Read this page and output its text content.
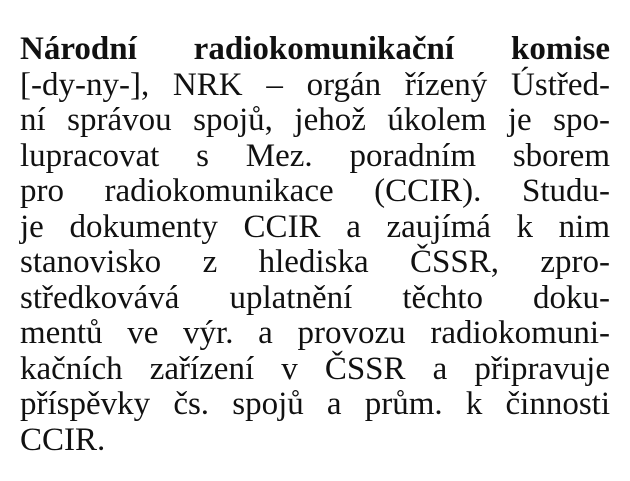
Národní radiokomunikační komise
[-dy-ny-], NRK – orgán řízený Ústřed-
ní správou spojů, jehož úkolem je spo-
lupracovat s Mez. poradním sborem
pro radiokomunikace (CCIR). Studu-
je dokumenty CCIR a zaujímá k nim
stanovisko z hlediska ČSSR, zpro-
středkovává uplatnění těchto doku-
mentů ve výr. a provozu radiokomuni-
kačních zařízení v ČSSR a připravuje
příspěvky čs. spojů a prům. k činnosti
CCIR.
